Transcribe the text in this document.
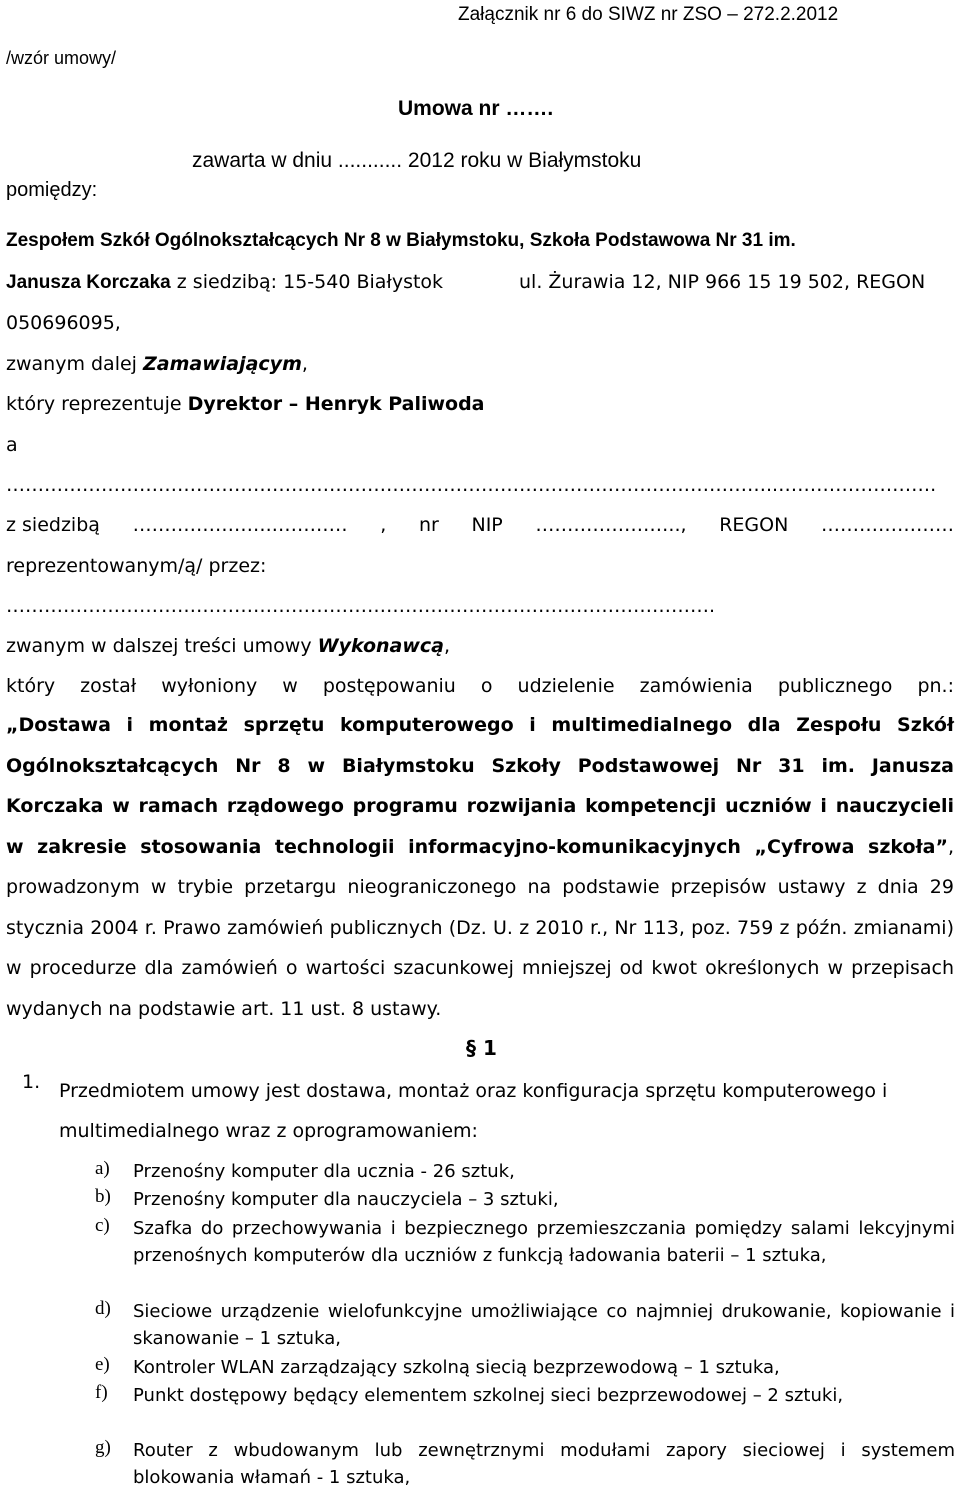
Załącznik nr 6 do SIWZ nr ZSO – 272.2.2012
/wzór umowy/
Umowa nr …….
zawarta w dniu ........... 2012 roku w Białymstoku
pomiędzy:
Zespołem Szkół Ogólnokształcących Nr 8 w Białymstoku, Szkoła Podstawowa Nr 31 im.
Janusza Korczaka z siedzibą: 15-540 Białystok	ul. Żurawia 12, NIP 966 15 19 502, REGON
050696095,
zwanym dalej Zamawiającym,
który reprezentuje Dyrektor – Henryk Paliwoda
a
…………………………………………………………………………………………………………..…………………….
z siedzibą ………………….………… , nr NIP ………………….., REGON …………………
reprezentowanym/ą/ przez:
………………………………………………………………………………………………….
zwanym w dalszej treści umowy Wykonawcą,
który został wyłoniony w postępowaniu o udzielenie zamówienia publicznego pn.:

„Dostawa i montaż sprzętu komputerowego i multimedialnego dla Zespołu Szkół Ogólnokształcących Nr 8 w Białymstoku Szkoły Podstawowej Nr 31 im. Janusza Korczaka w ramach rządowego programu rozwijania kompetencji uczniów i nauczycieli w zakresie stosowania technologii informacyjno-komunikacyjnych „Cyfrowa szkoła”, prowadzonym w trybie przetargu nieograniczonego na podstawie przepisów ustawy z dnia 29 stycznia 2004 r. Prawo zamówień publicznych (Dz. U. z 2010 r., Nr 113, poz. 759 z późn. zmianami) w procedurze dla zamówień o wartości szacunkowej mniejszej od kwot określonych w przepisach wydanych na podstawie art. 11 ust. 8 ustawy.

§ 1
1. Przedmiotem umowy jest dostawa, montaż oraz konfiguracja sprzętu komputerowego i multimedialnego wraz z oprogramowaniem:
a) Przenośny komputer dla ucznia - 26 sztuk,
b) Przenośny komputer dla nauczyciela – 3 sztuki,
c) Szafka do przechowywania i bezpiecznego przemieszczania pomiędzy salami lekcyjnymi przenośnych komputerów dla uczniów z funkcją ładowania baterii – 1 sztuka,
d) Sieciowe urządzenie wielofunkcyjne umożliwiające co najmniej drukowanie, kopiowanie i skanowanie – 1 sztuka,
e) Kontroler WLAN zarządzający szkolną siecią bezprzewodową – 1 sztuka,
f) Punkt dostępowy będący elementem szkolnej sieci bezprzewodowej – 2 sztuki,
g) Router z wbudowanym lub zewnętrznymi modułami zapory sieciowej i systemem blokowania włamań - 1 sztuka,
